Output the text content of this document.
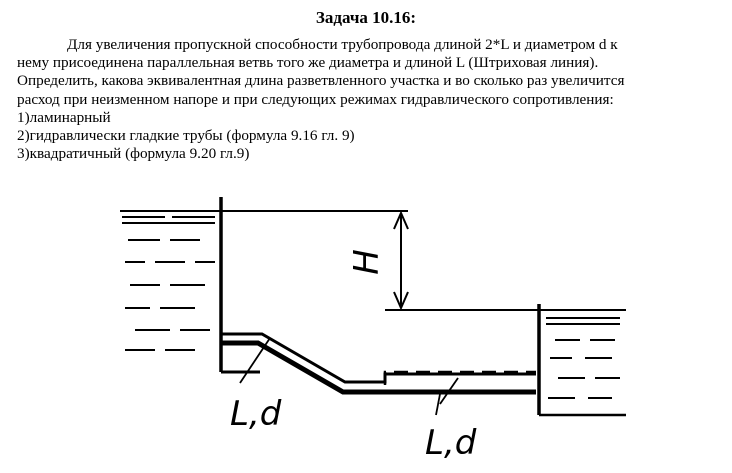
Задача 10.16:

Для увеличения пропускной способности трубопровода длиной 2*L и диаметром d к

нему присоединена параллельная ветвь того же диаметра и длиной L (Штриховая линия).

Определить, какова эквивалентная длина разветвленного участка и во сколько раз увеличится

расход при неизменном напоре и при следующих режимах гидравлического сопротивления:

1)ламинарный

2)гидравлически гладкие трубы (формула 9.16 гл. 9)

3)квадратичный (формула 9.20 гл.9)

H
L,d
L,d
